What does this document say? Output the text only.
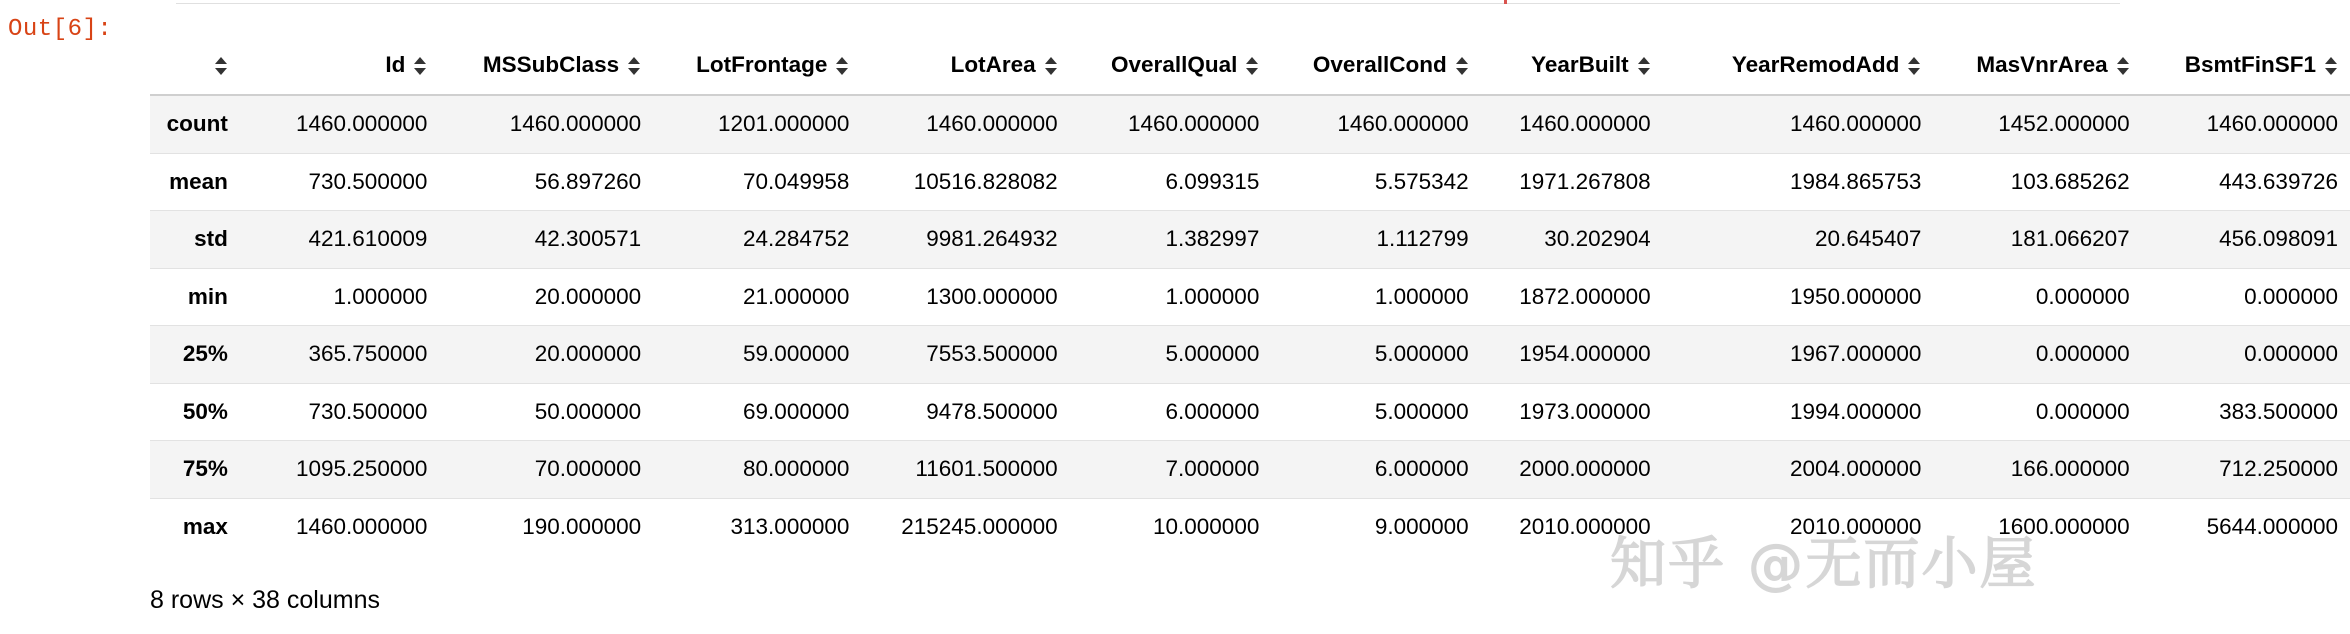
Out[6]:
	Id	MSSubClass	LotFrontage	LotArea	OverallQual	OverallCond	YearBuilt	YearRemodAdd	MasVnrArea	BsmtFinSF1

count	1460.000000	1460.000000	1201.000000	1460.000000	1460.000000	1460.000000	1460.000000	1460.000000	1452.000000	1460.000000
mean	730.500000	56.897260	70.049958	10516.828082	6.099315	5.575342	1971.267808	1984.865753	103.685262	443.639726
std	421.610009	42.300571	24.284752	9981.264932	1.382997	1.112799	30.202904	20.645407	181.066207	456.098091
min	1.000000	20.000000	21.000000	1300.000000	1.000000	1.000000	1872.000000	1950.000000	0.000000	0.000000
25%	365.750000	20.000000	59.000000	7553.500000	5.000000	5.000000	1954.000000	1967.000000	0.000000	0.000000
50%	730.500000	50.000000	69.000000	9478.500000	6.000000	5.000000	1973.000000	1994.000000	0.000000	383.500000
75%	1095.250000	70.000000	80.000000	11601.500000	7.000000	6.000000	2000.000000	2004.000000	166.000000	712.250000
max	1460.000000	190.000000	313.000000	215245.000000	10.000000	9.000000	2010.000000	2010.000000	1600.000000	5644.000000
8 rows × 38 columns
知乎 @无而小屋
